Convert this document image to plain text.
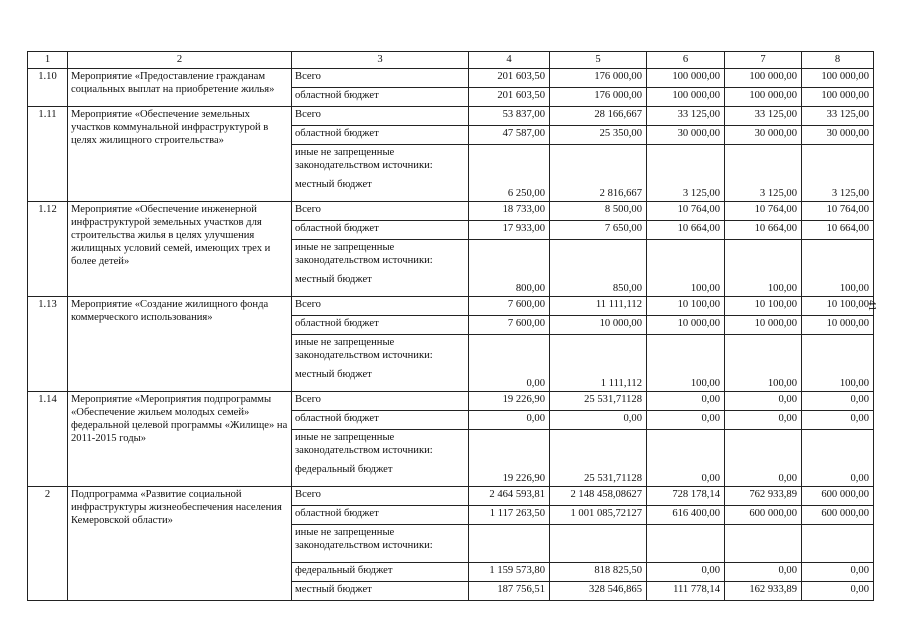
1	2	3	4	5	6	7	8
1.10	Мероприятие «Предоставление гражданам социальных выплат на приобретение жилья»	Всего	201 603,50	176 000,00	100 000,00	100 000,00	100 000,00

		областной бюджет	201 603,50	176 000,00	100 000,00	100 000,00	100 000,00
1.11	Мероприятие «Обеспечение земельных участков коммунальной инфраструктурой в целях жилищного строительства»	Всего	53 837,00	28 166,667	33 125,00	33 125,00	33 125,00

		областной бюджет	47 587,00	25 350,00	30 000,00	30 000,00	30 000,00

		иные не запрещенные законодательством источники:
местный бюджет	6 250,00	2 816,667	3 125,00	3 125,00	3 125,00
1.12	Мероприятие «Обеспечение инженерной инфраструктурой земельных участков для строительства жилья в целях улучшения жилищных условий семей, имеющих трех и более детей»	Всего	18 733,00	8 500,00	10 764,00	10 764,00	10 764,00

		областной бюджет	17 933,00	7 650,00	10 664,00	10 664,00	10 664,00

		иные не запрещенные законодательством источники:
местный бюджет	800,00	850,00	100,00	100,00	100,00
1.13	Мероприятие «Создание жилищного фонда коммерческого использования»	Всего	7 600,00	11 111,112	10 100,00	10 100,00	10 100,00

		областной бюджет	7 600,00	10 000,00	10 000,00	10 000,00	10 000,00

		иные не запрещенные законодательством источники:
местный бюджет	0,00	1 111,112	100,00	100,00	100,00
1.14	Мероприятие «Мероприятия подпрограммы «Обеспечение жильем молодых семей» федеральной целевой программы «Жилище» на 2011-2015 годы»	Всего	19 226,90	25 531,71128	0,00	0,00	0,00

		областной бюджет	0,00	0,00	0,00	0,00	0,00

		иные не запрещенные законодательством источники:
федеральный бюджет	19 226,90	25 531,71128	0,00	0,00	0,00
2	Подпрограмма «Развитие социальной инфраструктуры жизнеобеспечения населения Кемеровской области»	Всего	2 464 593,81	2 148 458,08627	728 178,14	762 933,89	600 000,00

		областной бюджет	1 117 263,50	1 001 085,72127	616 400,00	600 000,00	600 000,00

		иные не запрещенные законодательством источники:					

		федеральный бюджет	1 159 573,80	818 825,50	0,00	0,00	0,00

		местный бюджет	187 756,51	328 546,865	111 778,14	162 933,89	0,00
41
